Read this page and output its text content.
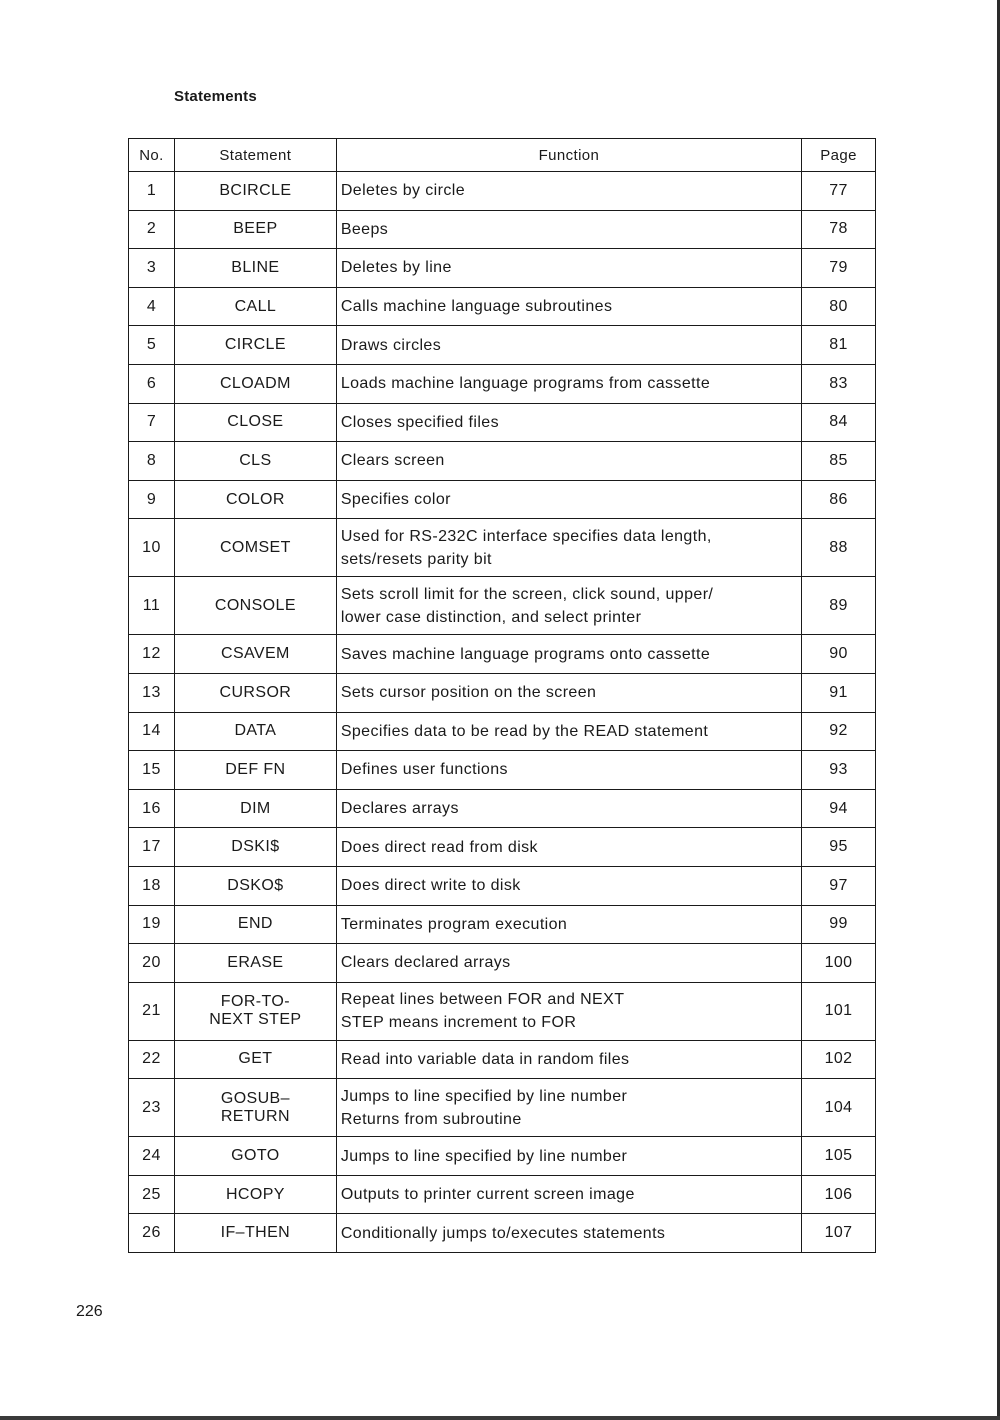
Statements
No.	Statement	Function	Page
1	BCIRCLE	Deletes by circle	77
2	BEEP	Beeps	78
3	BLINE	Deletes by line	79
4	CALL	Calls machine language subroutines	80
5	CIRCLE	Draws circles	81
6	CLOADM	Loads machine language programs from cassette	83
7	CLOSE	Closes specified files	84
8	CLS	Clears screen	85
9	COLOR	Specifies color	86
10	COMSET	Used for RS-232C interface specifies data length,
sets/resets parity bit	88
11	CONSOLE	Sets scroll limit for the screen, click sound, upper/
lower case distinction, and select printer	89
12	CSAVEM	Saves machine language programs onto cassette	90
13	CURSOR	Sets cursor position on the screen	91
14	DATA	Specifies data to be read by the READ statement	92
15	DEF FN	Defines user functions	93
16	DIM	Declares arrays	94
17	DSKI$	Does direct read from disk	95
18	DSKO$	Does direct write to disk	97
19	END	Terminates program execution	99
20	ERASE	Clears declared arrays	100
21	FOR-TO-
NEXT STEP	Repeat lines between FOR and NEXT
STEP means increment to FOR	101
22	GET	Read into variable data in random files	102
23	GOSUB–
RETURN	Jumps to line specified by line number
Returns from subroutine	104
24	GOTO	Jumps to line specified by line number	105
25	HCOPY	Outputs to printer current screen image	106
26	IF–THEN	Conditionally jumps to/executes statements	107
226
